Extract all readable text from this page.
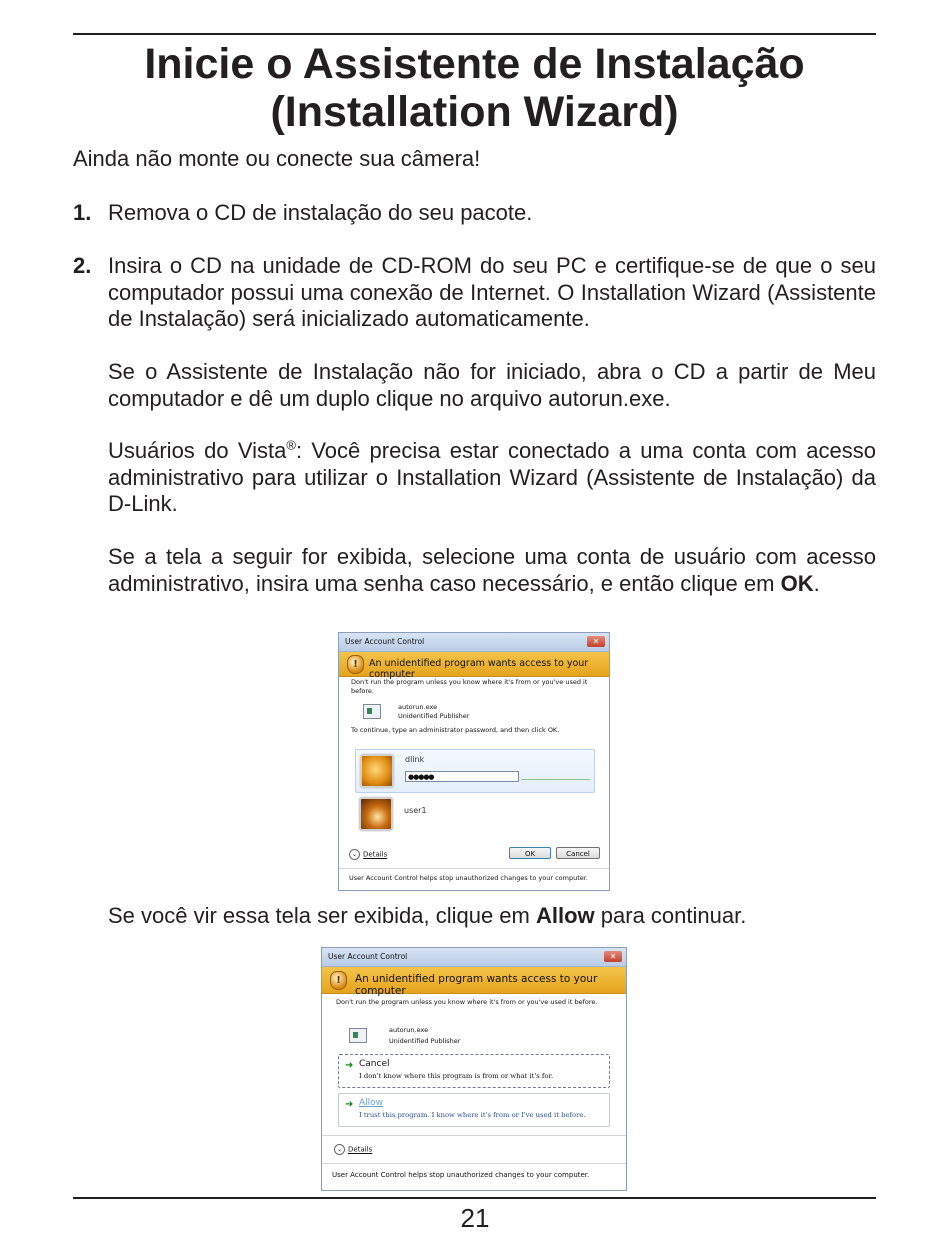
Inicie o Assistente de Instalação
(Installation Wizard)

Ainda não monte ou conecte sua câmera!

1. Remova o CD de instalação do seu pacote.

2. Insira o CD na unidade de CD-ROM do seu PC e certifique-se de que o seu computador possui uma conexão de Internet. O Installation Wizard (Assistente de Instalação) será inicializado automaticamente.

Se o Assistente de Instalação não for iniciado, abra o CD a partir de Meu computador e dê um duplo clique no arquivo autorun.exe.

Usuários do Vista®: Você precisa estar conectado a uma conta com acesso administrativo para utilizar o Installation Wizard (Assistente de Instalação) da D-Link.

Se a tela a seguir for exibida, selecione uma conta de usuário com acesso administrativo, insira uma senha caso necessário, e então clique em OK.

User Account Control	✕
!	An unidentified program wants access to your computer
Don't run the program unless you know where it's from or you've used it before.
autorun.exe
Unidentified Publisher
To continue, type an administrator password, and then click OK.
dlink
●●●●●
user1
⌄ Details	OK	Cancel
User Account Control helps stop unauthorized changes to your computer.

Se você vir essa tela ser exibida, clique em Allow para continuar.

User Account Control	✕
!	An unidentified program wants access to your computer
Don't run the program unless you know where it's from or you've used it before.
autorun.exe
Unidentified Publisher
➜ Cancel
I don't know where this program is from or what it's for.
➜ Allow
I trust this program. I know where it's from or I've used it before.
⌄ Details
User Account Control helps stop unauthorized changes to your computer.

21
